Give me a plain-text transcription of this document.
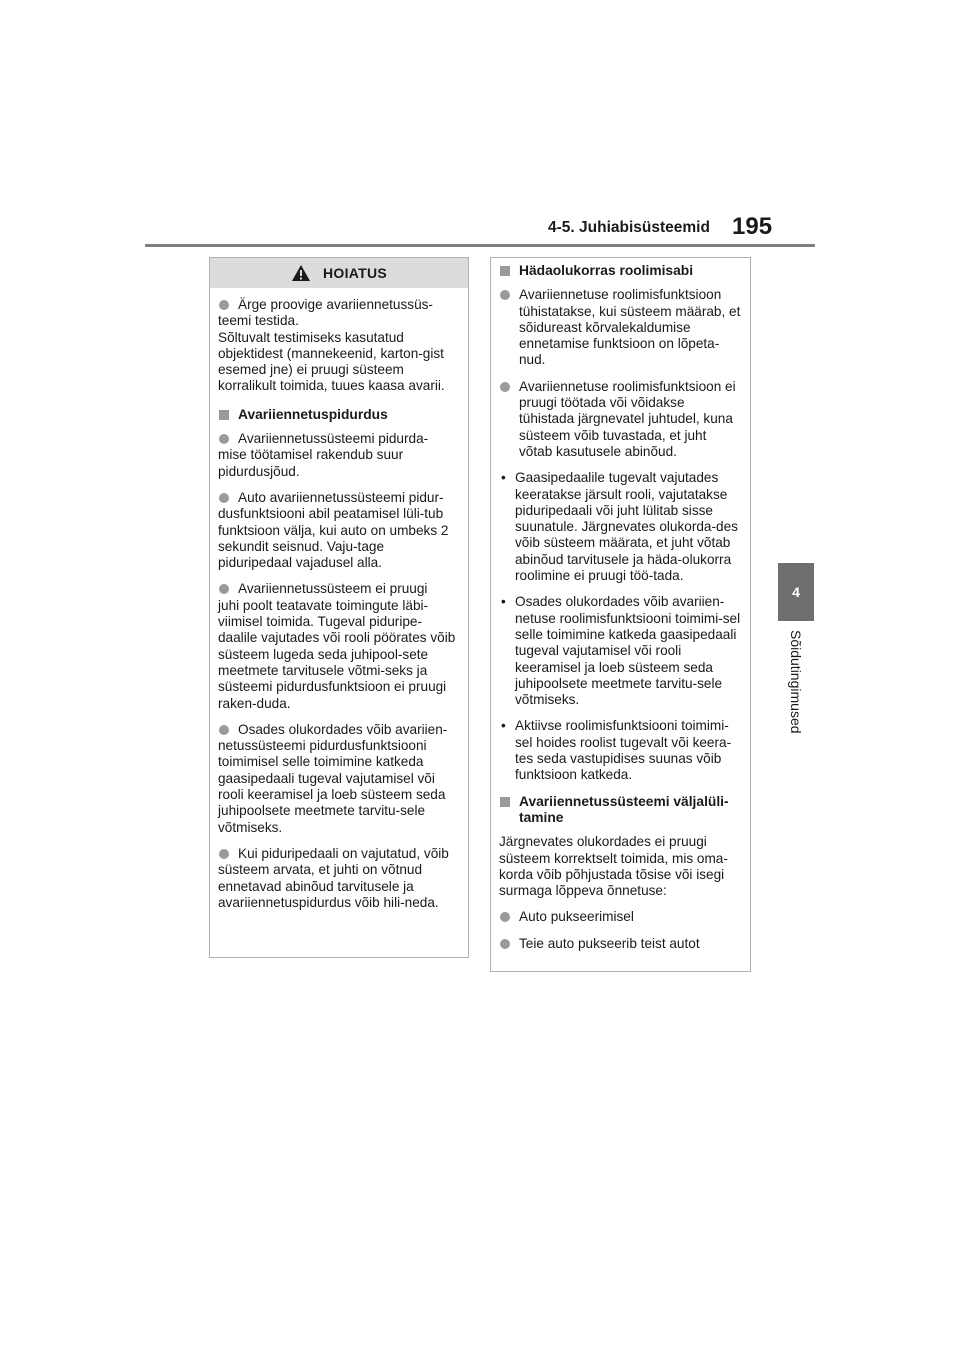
4-5. Juhiabisüsteemid 195
4
Sõidutingimused
HOIATUS
Ärge proovige avariiennetussüs-
teemi testida.
Sõltuvalt testimiseks kasutatud objektidest (mannekeenid, karton-gist esemed jne) ei pruugi süsteem korralikult toimida, tuues kaasa avarii.
Avariiennetuspidurdus
Avariiennetussüsteemi pidurda-
mise töötamisel rakendub suur pidurdusjõud.
Auto avariiennetussüsteemi pidur-
dusfunktsiooni abil peatamisel lüli-tub funktsioon välja, kui auto on umbeks 2 sekundit seisnud. Vaju-tage piduripedaal vajadusel alla.
Avariiennetussüsteem ei pruugi
juhi poolt teatavate toimingute läbi-viimisel toimida. Tugeval piduripe-daalile vajutades või rooli pöörates võib süsteem lugeda seda juhipool-sete meetmete tarvitusele võtmi-seks ja süsteemi pidurdusfunktsioon ei pruugi raken-duda.
Osades olukordades võib avariien-
netussüsteemi pidurdusfunktsiooni toimimisel selle toimimine katkeda gaasipedaali tugeval vajutamisel või rooli keeramisel ja loeb süsteem seda juhipoolsete meetmete tarvitu-sele võtmiseks.
Kui piduripedaali on vajutatud, võib
süsteem arvata, et juhti on võtnud ennetavad abinõud tarvitusele ja avariiennetuspidurdus võib hili-neda.
Hädaolukorras roolimisabi
Avariiennetuse roolimisfunktsioon tühistatakse, kui süsteem määrab, et sõidureast kõrvalekaldumise ennetamise funktsioon on lõpeta-nud.
Avariiennetuse roolimisfunktsioon ei pruugi töötada või võidakse tühistada järgnevatel juhtudel, kuna süsteem võib tuvastada, et juht võtab kasutusele abinõud.
• Gaasipedaalile tugevalt vajutades keeratakse järsult rooli, vajutatakse piduripedaali või juht lülitab sisse suunatule. Järgnevates olukorda-des võib süsteem määrata, et juht võtab abinõud tarvitusele ja häda-olukorra roolimine ei pruugi töö-tada.
• Osades olukordades võib avariien-netuse roolimisfunktsiooni toimimi-sel selle toimimine katkeda gaasipedaali tugeval vajutamisel või rooli keeramisel ja loeb süsteem seda juhipoolsete meetmete tarvitu-sele võtmiseks.
• Aktiivse roolimisfunktsiooni toimimi-sel hoides roolist tugevalt või keera-tes seda vastupidises suunas võib funktsioon katkeda.
Avariiennetussüsteemi väljalüli-tamine
Järgnevates olukordades ei pruugi süsteem korrektselt toimida, mis oma-korda võib põhjustada tõsise või isegi surmaga lõppeva õnnetuse:
Auto pukseerimisel
Teie auto pukseerib teist autot
